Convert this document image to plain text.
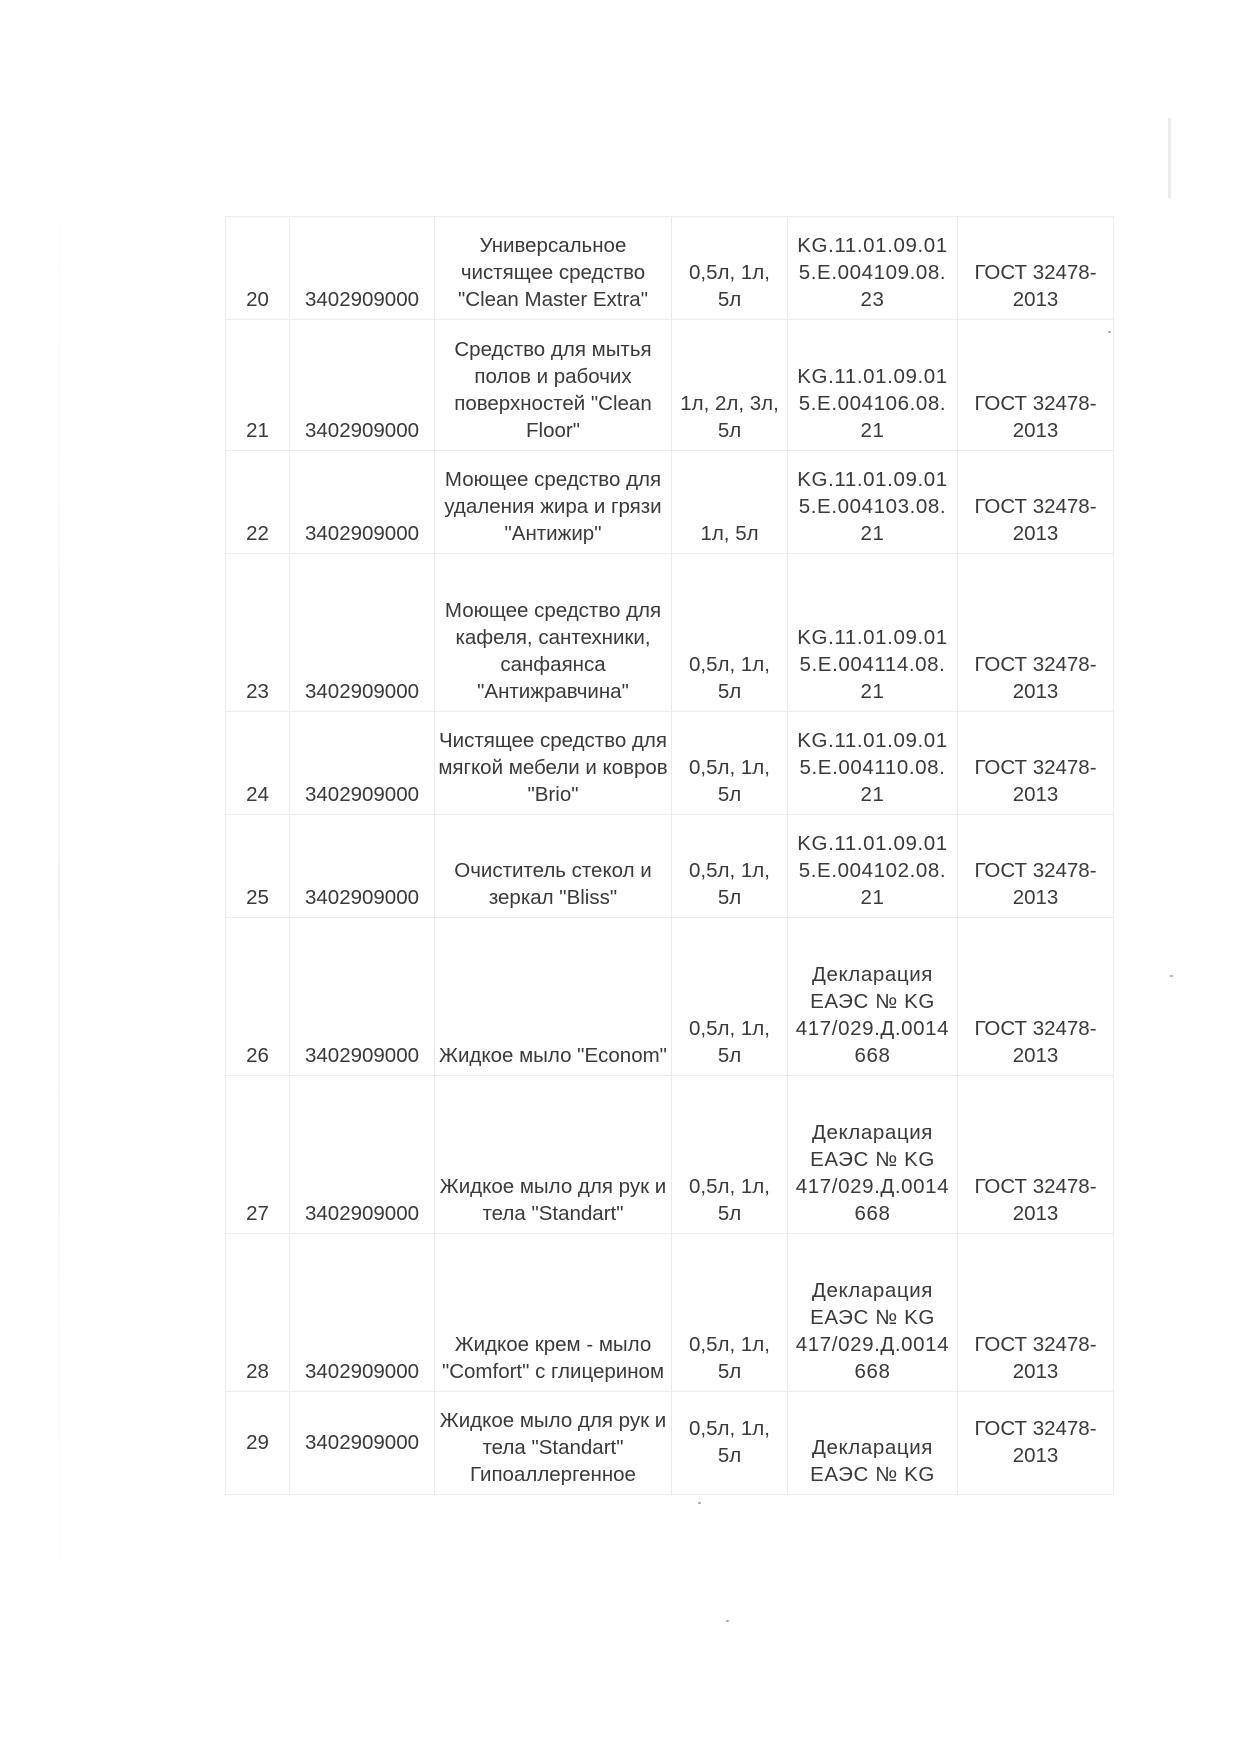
20	3402909000	Универсальное чистящее средство "Clean Master Extra"	0,5л, 1л, 5л	KG.11.01.09.01 5.Е.004109.08. 23	ГОСТ 32478-2013
21	3402909000	Средство для мытья полов и рабочих поверхностей "Clean Floor"	1л, 2л, 3л, 5л	KG.11.01.09.01 5.Е.004106.08. 21	ГОСТ 32478-2013
22	3402909000	Моющее средство для удаления жира и грязи "Антижир"	1л, 5л	KG.11.01.09.01 5.Е.004103.08. 21	ГОСТ 32478-2013
23	3402909000	Моющее средство для кафеля, сантехники, санфаянса "Антижравчина"	0,5л, 1л, 5л	KG.11.01.09.01 5.Е.004114.08. 21	ГОСТ 32478-2013
24	3402909000	Чистящее средство для мягкой мебели и ковров "Brio"	0,5л, 1л, 5л	KG.11.01.09.01 5.Е.004110.08. 21	ГОСТ 32478-2013
25	3402909000	Очиститель стекол и зеркал "Bliss"	0,5л, 1л, 5л	KG.11.01.09.01 5.Е.004102.08. 21	ГОСТ 32478-2013
26	3402909000	Жидкое мыло "Econom"	0,5л, 1л, 5л	Декларация ЕАЭС № KG 417/029.Д.0014 668	ГОСТ 32478-2013
27	3402909000	Жидкое мыло для рук и тела "Standart"	0,5л, 1л, 5л	Декларация ЕАЭС № KG 417/029.Д.0014 668	ГОСТ 32478-2013
28	3402909000	Жидкое крем - мыло "Comfort" с глицерином	0,5л, 1л, 5л	Декларация ЕАЭС № KG 417/029.Д.0014 668	ГОСТ 32478-2013
29	3402909000	Жидкое мыло для рук и тела "Standart" Гипоаллергенное	0,5л, 1л, 5л	Декларация ЕАЭС № KG	ГОСТ 32478-2013
